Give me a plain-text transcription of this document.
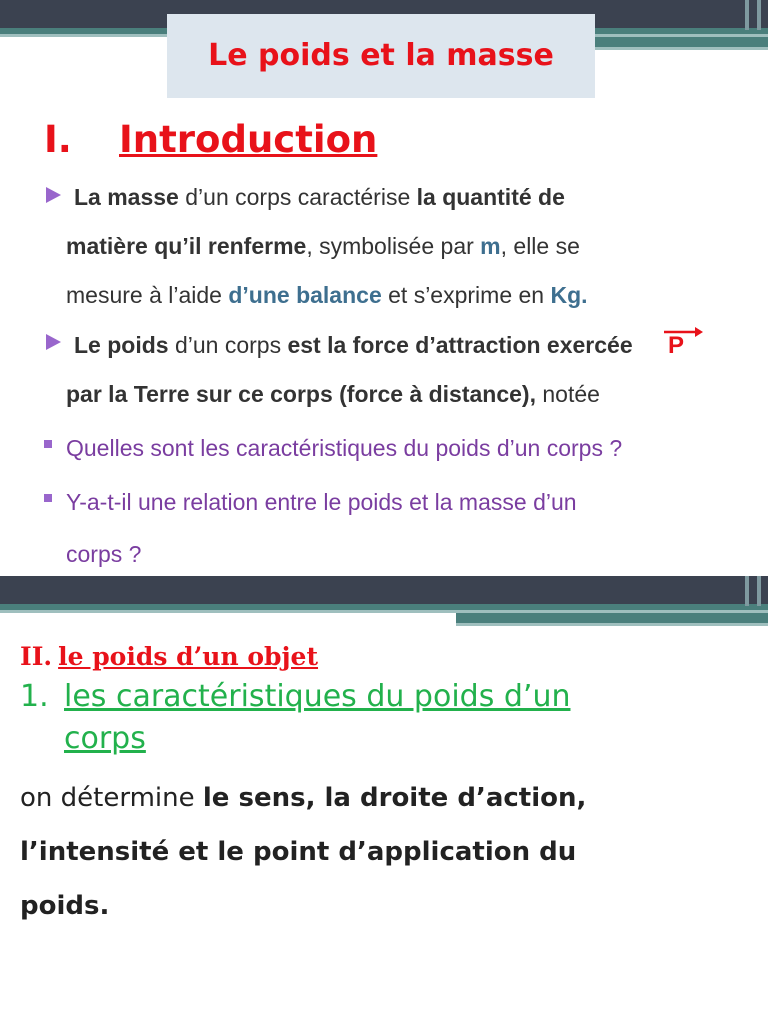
Le poids et la masse
I. Introduction
La masse d’un corps caractérise la quantité de
matière qu’il renferme, symbolisée par m, elle se
mesure à l’aide d’une balance et s’exprime en Kg.
Le poids d’un corps est la force d’attraction exercée
par la Terre sur ce corps (force à distance), notée
P
Quelles sont les caractéristiques du poids d’un corps ?
Y-a-t-il une relation entre le poids et la masse d’un
corps ?
II. le poids d’un objet
1. les caractéristiques du poids d’un
corps
on détermine le sens, la droite d’action,
l’intensité et le point d’application du
poids.
